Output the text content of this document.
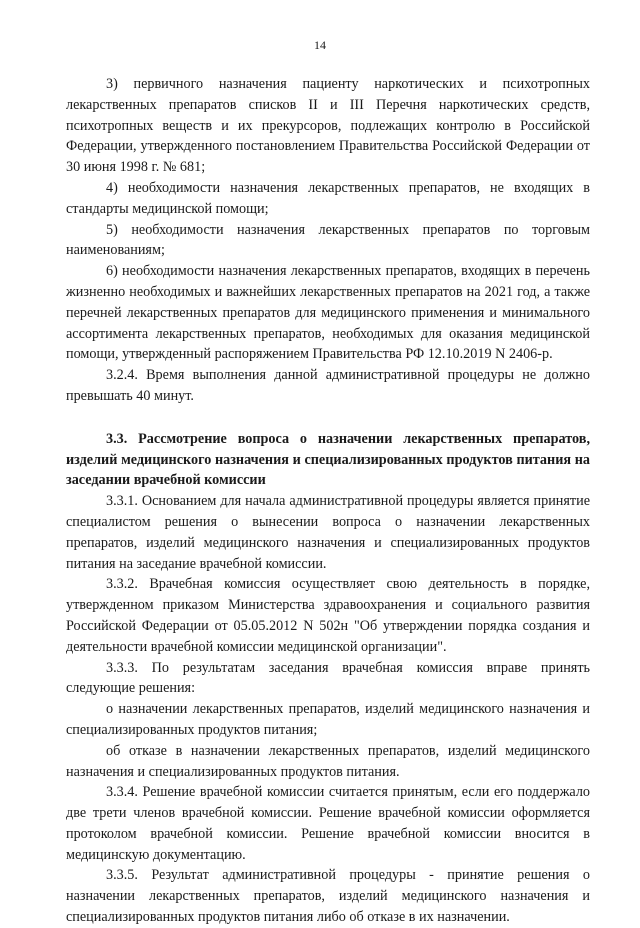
14

3) первичного назначения пациенту наркотических и психотропных лекарственных препаратов списков II и III Перечня наркотических средств, психотропных веществ и их прекурсоров, подлежащих контролю в Российской Федерации, утвержденного постановлением Правительства Российской Федерации от 30 июня 1998 г. № 681;

4) необходимости назначения лекарственных препаратов, не входящих в стандарты медицинской помощи;

5) необходимости назначения лекарственных препаратов по торговым наименованиям;

6) необходимости назначения лекарственных препаратов, входящих в перечень жизненно необходимых и важнейших лекарственных препаратов на 2021 год, а также перечней лекарственных препаратов для медицинского применения и минимального ассортимента лекарственных препаратов, необходимых для оказания медицинской помощи, утвержденный распоряжением Правительства РФ 12.10.2019 N 2406-р.

3.2.4. Время выполнения данной административной процедуры не должно превышать 40 минут.

3.3. Рассмотрение вопроса о назначении лекарственных препаратов, изделий медицинского назначения и специализированных продуктов питания на заседании врачебной комиссии

3.3.1. Основанием для начала административной процедуры является принятие специалистом решения о вынесении вопроса о назначении лекарственных препаратов, изделий медицинского назначения и специализированных продуктов питания на заседание врачебной комиссии.

3.3.2. Врачебная комиссия осуществляет свою деятельность в порядке, утвержденном приказом Министерства здравоохранения и социального развития Российской Федерации от 05.05.2012 N 502н "Об утверждении порядка создания и деятельности врачебной комиссии медицинской организации".

3.3.3. По результатам заседания врачебная комиссия вправе принять следующие решения:

о назначении лекарственных препаратов, изделий медицинского назначения и специализированных продуктов питания;

об отказе в назначении лекарственных препаратов, изделий медицинского назначения и специализированных продуктов питания.

3.3.4. Решение врачебной комиссии считается принятым, если его поддержало две трети членов врачебной комиссии. Решение врачебной комиссии оформляется протоколом врачебной комиссии. Решение врачебной комиссии вносится в медицинскую документацию.

3.3.5. Результат административной процедуры - принятие решения о назначении лекарственных препаратов, изделий медицинского назначения и специализированных продуктов питания либо об отказе в их назначении.
